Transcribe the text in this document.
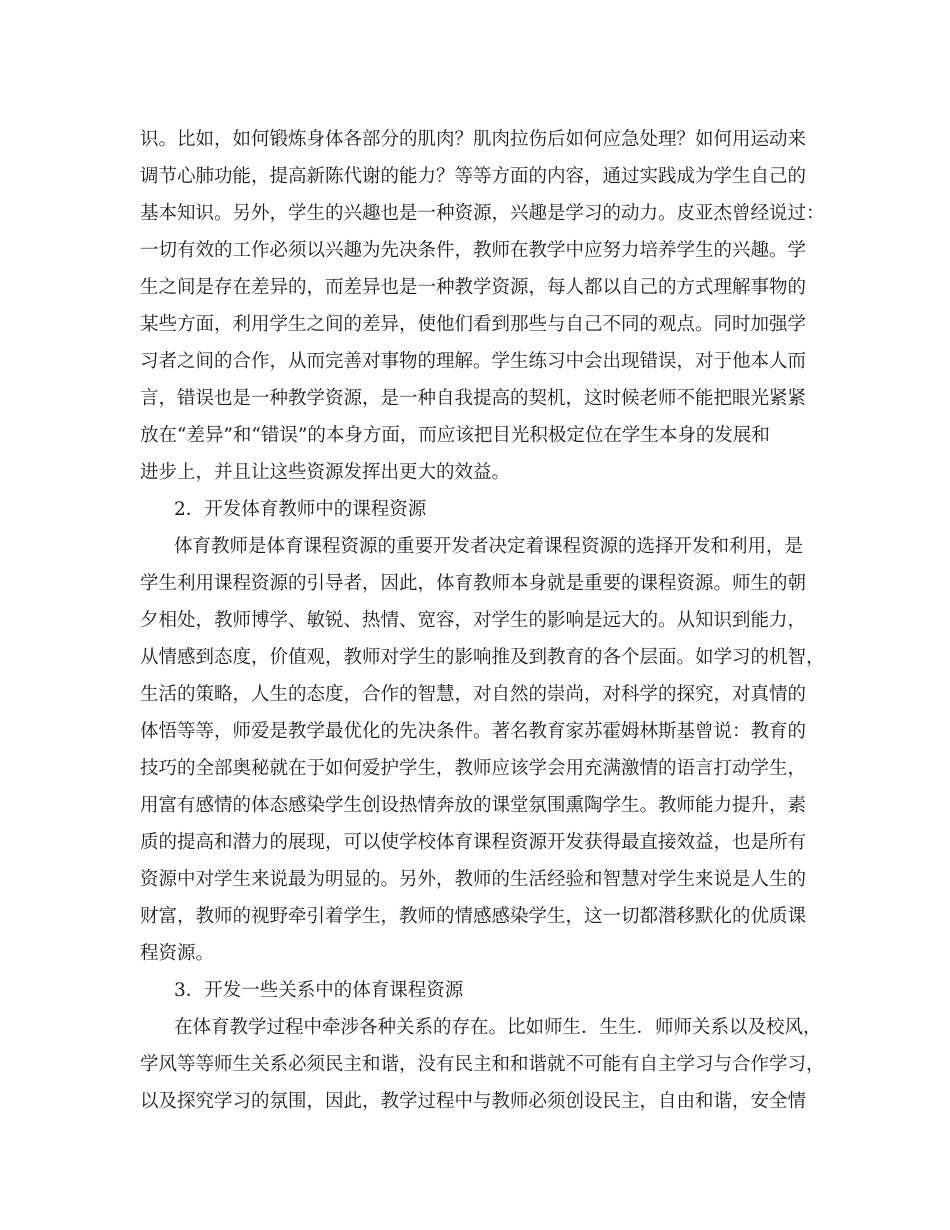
识。比如，如何锻炼身体各部分的肌肉？肌肉拉伤后如何应急处理？如何用运动来
调节心肺功能，提高新陈代谢的能力？等等方面的内容，通过实践成为学生自己的
基本知识。另外，学生的兴趣也是一种资源，兴趣是学习的动力。皮亚杰曾经说过：
一切有效的工作必须以兴趣为先决条件，教师在教学中应努力培养学生的兴趣。学
生之间是存在差异的，而差异也是一种教学资源，每人都以自己的方式理解事物的
某些方面，利用学生之间的差异，使他们看到那些与自己不同的观点。同时加强学
习者之间的合作，从而完善对事物的理解。学生练习中会出现错误，对于他本人而
言，错误也是一种教学资源，是一种自我提高的契机，这时候老师不能把眼光紧紧
放在“差异”和“错误”的本身方面，而应该把目光积极定位在学生本身的发展和
进步上，并且让这些资源发挥出更大的效益。
2．开发体育教师中的课程资源
体育教师是体育课程资源的重要开发者决定着课程资源的选择开发和利用，是
学生利用课程资源的引导者，因此，体育教师本身就是重要的课程资源。师生的朝
夕相处，教师博学、敏锐、热情、宽容，对学生的影响是远大的。从知识到能力，
从情感到态度，价值观，教师对学生的影响推及到教育的各个层面。如学习的机智，
生活的策略，人生的态度，合作的智慧，对自然的崇尚，对科学的探究，对真情的
体悟等等，师爱是教学最优化的先决条件。著名教育家苏霍姆林斯基曾说：教育的
技巧的全部奥秘就在于如何爱护学生，教师应该学会用充满激情的语言打动学生，
用富有感情的体态感染学生创设热情奔放的课堂氛围熏陶学生。教师能力提升，素
质的提高和潜力的展现，可以使学校体育课程资源开发获得最直接效益，也是所有
资源中对学生来说最为明显的。另外，教师的生活经验和智慧对学生来说是人生的
财富，教师的视野牵引着学生，教师的情感感染学生，这一切都潜移默化的优质课
程资源。
3．开发一些关系中的体育课程资源
在体育教学过程中牵涉各种关系的存在。比如师生．生生．师师关系以及校风，
学风等等师生关系必须民主和谐，没有民主和和谐就不可能有自主学习与合作学习，
以及探究学习的氛围，因此，教学过程中与教师必须创设民主，自由和谐，安全情
